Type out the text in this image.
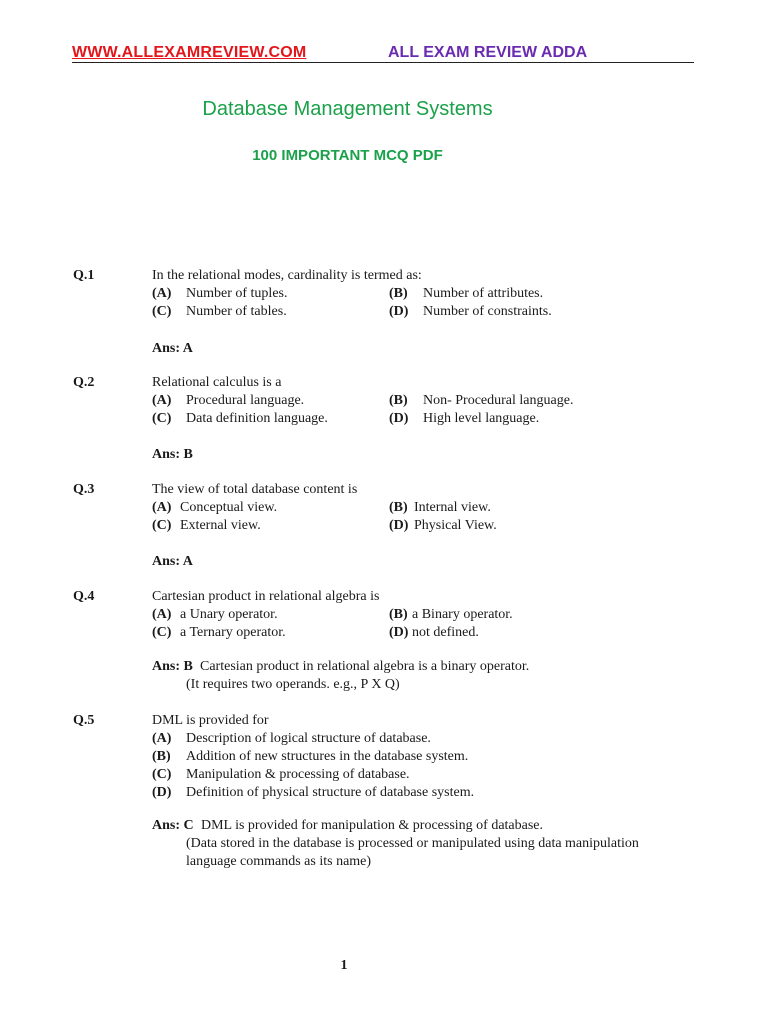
WWW.ALLEXAMREVIEW.COM	ALL EXAM REVIEW ADDA
Database Management Systems
100 IMPORTANT MCQ PDF
Q.1	In the relational modes, cardinality is termed as:
(A) Number of tuples.	(B) Number of attributes.
(C) Number of tables.	(D) Number of constraints.
Ans: A
Q.2	Relational calculus is a
(A) Procedural language.	(B) Non- Procedural language.
(C) Data definition language.	(D) High level language.
Ans: B
Q.3	The view of total database content is
(A) Conceptual view.	(B) Internal view.
(C) External view.	(D) Physical View.
Ans: A
Q.4	Cartesian product in relational algebra is
(A) a Unary operator.	(B) a Binary operator.
(C) a Ternary operator.	(D) not defined.
Ans: B Cartesian product in relational algebra is a binary operator.
(It requires two operands. e.g., P X Q)
Q.5	DML is provided for
(A) Description of logical structure of database.
(B) Addition of new structures in the database system.
(C) Manipulation & processing of database.
(D) Definition of physical structure of database system.
Ans: C DML is provided for manipulation & processing of database.
(Data stored in the database is processed or manipulated using data manipulation
language commands as its name)
1
